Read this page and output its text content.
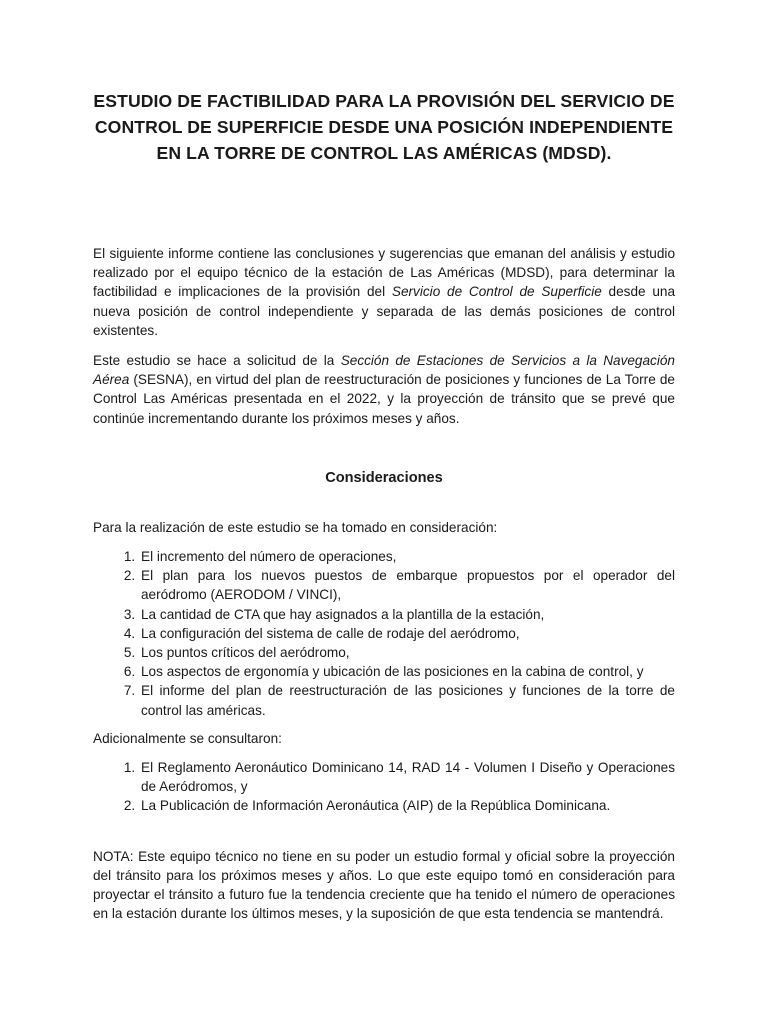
ESTUDIO DE FACTIBILIDAD PARA LA PROVISIÓN DEL SERVICIO DE
CONTROL DE SUPERFICIE DESDE UNA POSICIÓN INDEPENDIENTE
EN LA TORRE DE CONTROL LAS AMÉRICAS (MDSD).

El siguiente informe contiene las conclusiones y sugerencias que emanan del análisis y estudio realizado por el equipo técnico de la estación de Las Américas (MDSD), para determinar la factibilidad e implicaciones de la provisión del Servicio de Control de Superficie desde una nueva posición de control independiente y separada de las demás posiciones de control existentes.

Este estudio se hace a solicitud de la Sección de Estaciones de Servicios a la Navegación Aérea (SESNA), en virtud del plan de reestructuración de posiciones y funciones de La Torre de Control Las Américas presentada en el 2022, y la proyección de tránsito que se prevé que continúe incrementando durante los próximos meses y años.

Consideraciones

Para la realización de este estudio se ha tomado en consideración:

1. El incremento del número de operaciones,
2. El plan para los nuevos puestos de embarque propuestos por el operador del aeródromo (AERODOM / VINCI),
3. La cantidad de CTA que hay asignados a la plantilla de la estación,
4. La configuración del sistema de calle de rodaje del aeródromo,
5. Los puntos críticos del aeródromo,
6. Los aspectos de ergonomía y ubicación de las posiciones en la cabina de control, y
7. El informe del plan de reestructuración de las posiciones y funciones de la torre de control las américas.

Adicionalmente se consultaron:

1. El Reglamento Aeronáutico Dominicano 14, RAD 14 - Volumen I Diseño y Operaciones de Aeródromos, y
2. La Publicación de Información Aeronáutica (AIP) de la República Dominicana.

NOTA: Este equipo técnico no tiene en su poder un estudio formal y oficial sobre la proyección del tránsito para los próximos meses y años. Lo que este equipo tomó en consideración para proyectar el tránsito a futuro fue la tendencia creciente que ha tenido el número de operaciones en la estación durante los últimos meses, y la suposición de que esta tendencia se mantendrá.
